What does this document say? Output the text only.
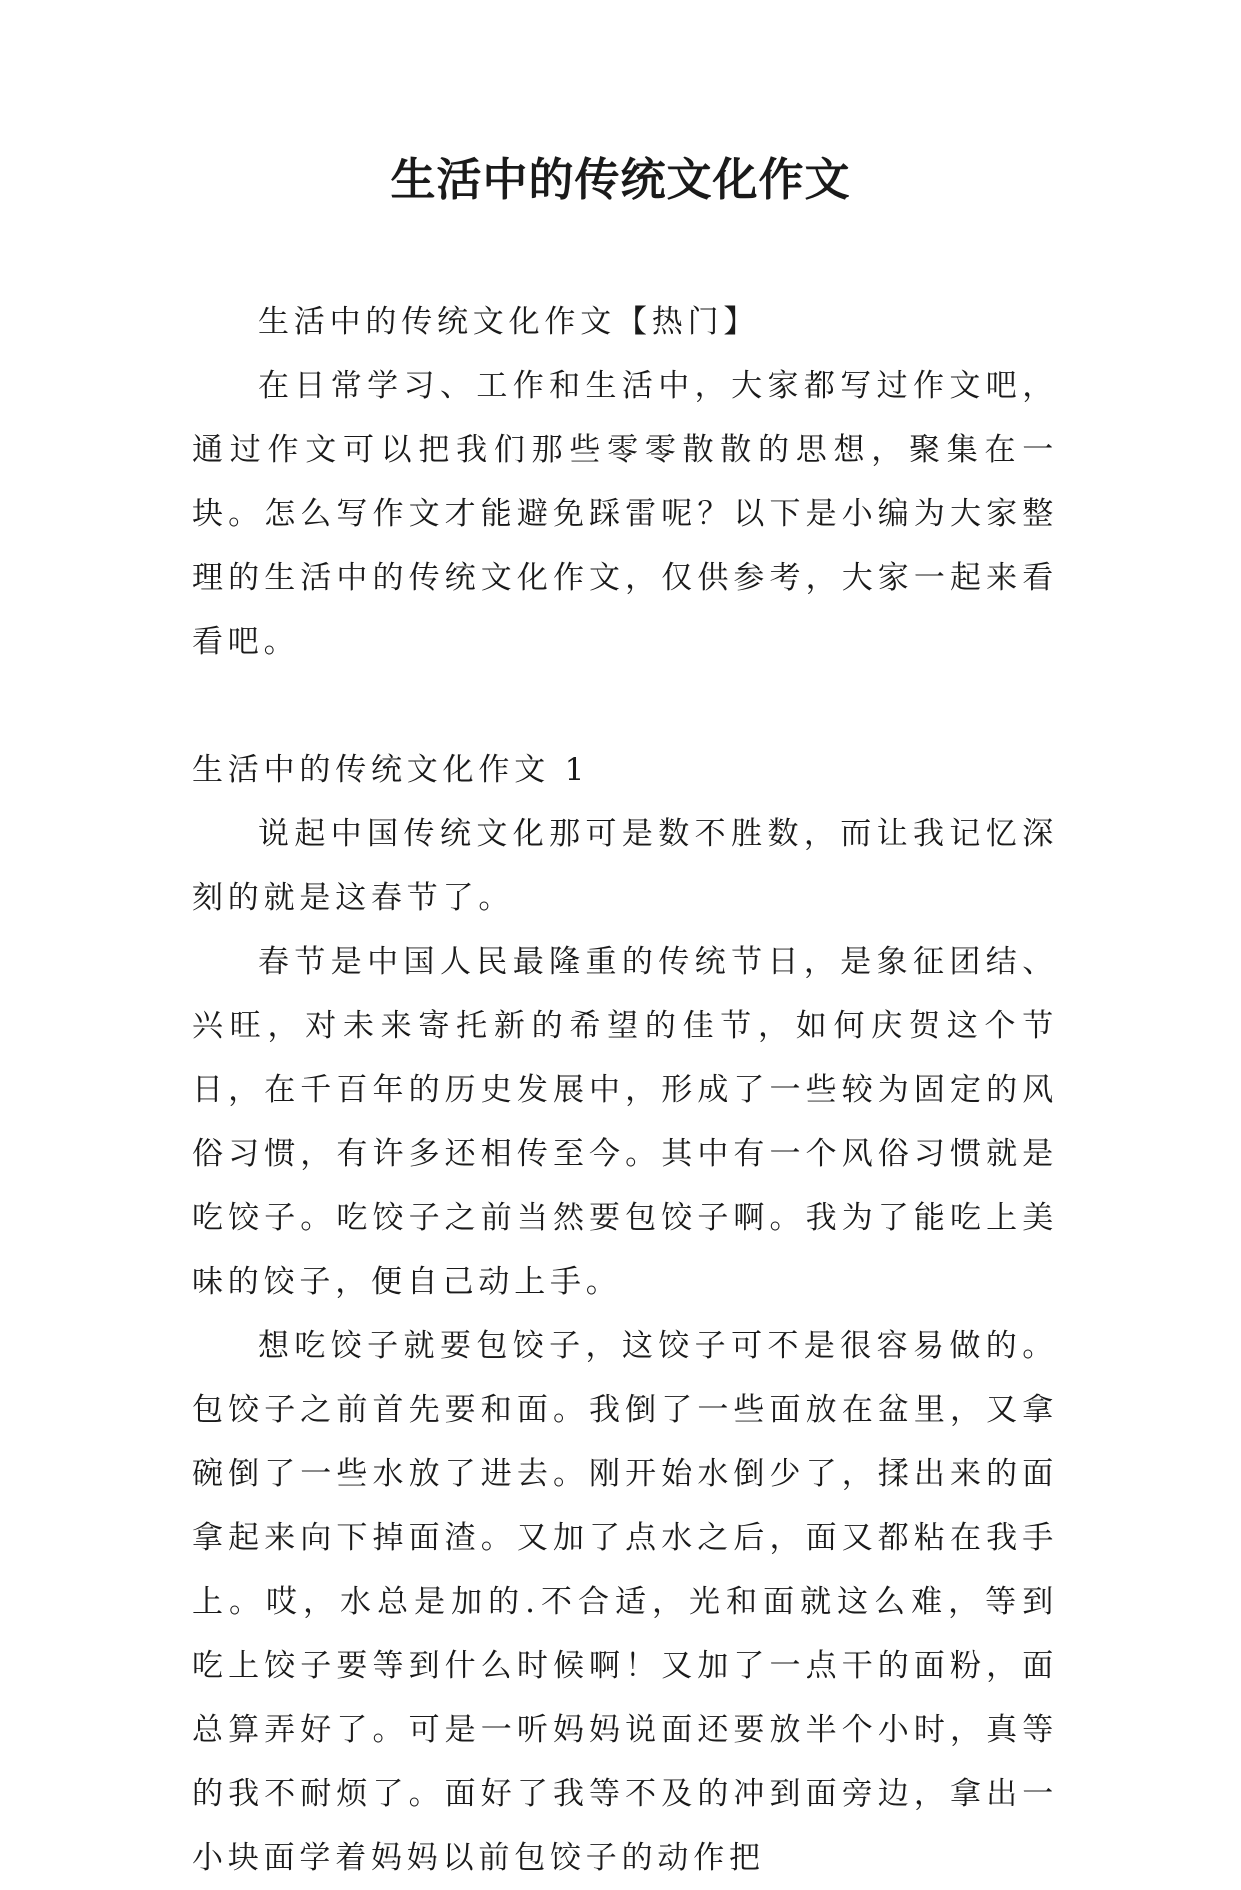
生活中的传统文化作文

生活中的传统文化作文【热门】

在日常学习、工作和生活中，大家都写过作文吧，通过作文可以把我们那些零零散散的思想，聚集在一块。怎么写作文才能避免踩雷呢？以下是小编为大家整理的生活中的传统文化作文，仅供参考，大家一起来看看吧。

生活中的传统文化作文 1

说起中国传统文化那可是数不胜数，而让我记忆深刻的就是这春节了。

春节是中国人民最隆重的传统节日，是象征团结、兴旺，对未来寄托新的希望的佳节，如何庆贺这个节日，在千百年的历史发展中，形成了一些较为固定的风俗习惯，有许多还相传至今。其中有一个风俗习惯就是吃饺子。吃饺子之前当然要包饺子啊。我为了能吃上美味的饺子，便自己动上手。

想吃饺子就要包饺子，这饺子可不是很容易做的。包饺子之前首先要和面。我倒了一些面放在盆里，又拿碗倒了一些水放了进去。刚开始水倒少了，揉出来的面拿起来向下掉面渣。又加了点水之后，面又都粘在我手上。哎，水总是加的.不合适，光和面就这么难，等到吃上饺子要等到什么时候啊！又加了一点干的面粉，面总算弄好了。可是一听妈妈说面还要放半个小时，真等的我不耐烦了。面好了我等不及的冲到面旁边，拿出一小块面学着妈妈以前包饺子的动作把
